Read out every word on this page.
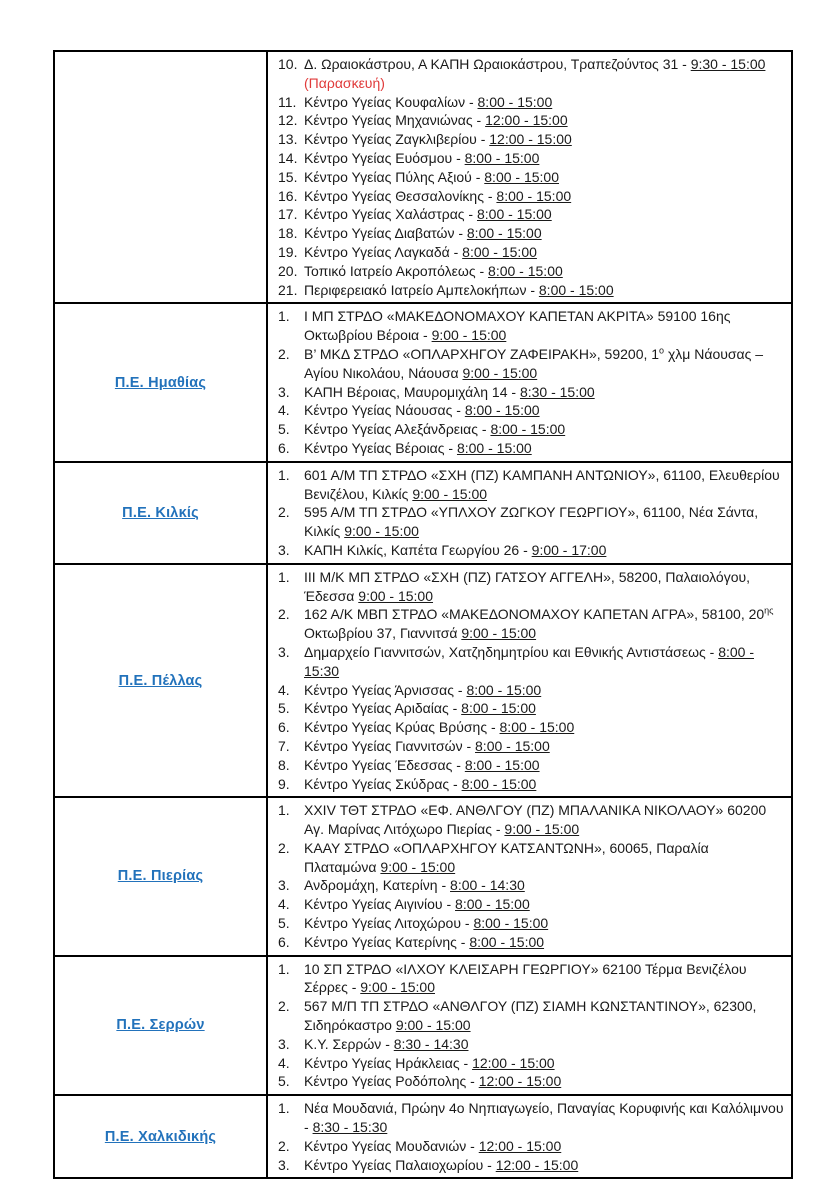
10. Δ. Ωραιοκάστρου, Α ΚΑΠΗ Ωραιοκάστρου, Τραπεζούντος 31 - 9:30 - 15:00
(Παρασκευή)
11. Κέντρο Υγείας Κουφαλίων - 8:00 - 15:00
12. Κέντρο Υγείας Μηχανιώνας - 12:00 - 15:00
13. Κέντρο Υγείας Ζαγκλιβερίου - 12:00 - 15:00
14. Κέντρο Υγείας Ευόσμου - 8:00 - 15:00
15. Κέντρο Υγείας Πύλης Αξιού - 8:00 - 15:00
16. Κέντρο Υγείας Θεσσαλονίκης - 8:00 - 15:00
17. Κέντρο Υγείας Χαλάστρας - 8:00 - 15:00
18. Κέντρο Υγείας Διαβατών - 8:00 - 15:00
19. Κέντρο Υγείας Λαγκαδά - 8:00 - 15:00
20. Τοπικό Ιατρείο Ακροπόλεως - 8:00 - 15:00
21. Περιφερειακό Ιατρείο Αμπελοκήπων - 8:00 - 15:00

Π.Ε. Ημαθίας	
1.	Ι ΜΠ ΣΤΡΔΟ «ΜΑΚΕΔΟΝΟΜΑΧΟΥ ΚΑΠΕΤΑΝ ΑΚΡΙΤΑ» 59100 16ης Οκτωβρίου Βέροια - 9:00 - 15:00
2.	Β’ ΜΚΔ ΣΤΡΔΟ «ΟΠΛΑΡΧΗΓΟΥ ΖΑΦΕΙΡΑΚΗ», 59200, $1^o$ χλμ Νάουσας – Αγίου Νικολάου, Νάουσα 9:00 - 15:00
3.	ΚΑΠΗ Βέροιας, Μαυρομιχάλη 14 - 8:30 - 15:00
4.	Κέντρο Υγείας Νάουσας - 8:00 - 15:00
5.	Κέντρο Υγείας Αλεξάνδρειας - 8:00 - 15:00
6.	Κέντρο Υγείας Βέροιας - 8:00 - 15:00

Π.Ε. Κιλκίς	
1.	601 Α/Μ ΤΠ ΣΤΡΔΟ «ΣΧΗ (ΠΖ) ΚΑΜΠΑΝΗ ΑΝΤΩΝΙΟΥ», 61100, Ελευθερίου Βενιζέλου, Κιλκίς 9:00 - 15:00
2.	595 Α/Μ ΤΠ ΣΤΡΔΟ «ΥΠΛΧΟΥ ΖΩΓΚΟΥ ΓΕΩΡΓΙΟΥ», 61100, Νέα Σάντα, Κιλκίς 9:00 - 15:00
3.	ΚΑΠΗ Κιλκίς, Καπέτα Γεωργίου 26 - 9:00 - 17:00

Π.Ε. Πέλλας	
1.	ΙΙΙ Μ/Κ ΜΠ ΣΤΡΔΟ «ΣΧΗ (ΠΖ) ΓΑΤΣΟΥ ΑΓΓΕΛΗ», 58200, Παλαιολόγου, Έδεσσα 9:00 - 15:00
2.	162 Α/Κ ΜΒΠ ΣΤΡΔΟ «ΜΑΚΕΔΟΝΟΜΑΧΟΥ ΚΑΠΕΤΑΝ ΑΓΡΑ», 58100, $20^{\eta\varsigma}$ Οκτωβρίου 37, Γιαννιτσά 9:00 - 15:00
3.	Δημαρχείο Γιαννιτσών, Χατζηδημητρίου και Εθνικής Αντιστάσεως - 8:00 - 15:30
4.	Κέντρο Υγείας Άρνισσας - 8:00 - 15:00
5.	Κέντρο Υγείας Αριδαίας - 8:00 - 15:00
6.	Κέντρο Υγείας Κρύας Βρύσης - 8:00 - 15:00
7.	Κέντρο Υγείας Γιαννιτσών - 8:00 - 15:00
8.	Κέντρο Υγείας Έδεσσας - 8:00 - 15:00
9.	Κέντρο Υγείας Σκύδρας - 8:00 - 15:00

Π.Ε. Πιερίας	
1.	XXIV ΤΘΤ ΣΤΡΔΟ «ΕΦ. ΑΝΘΛΓΟΥ (ΠΖ) ΜΠΑΛΑΝΙΚΑ ΝΙΚΟΛΑΟΥ» 60200 Αγ. Μαρίνας Λιτόχωρο Πιερίας - 9:00 - 15:00
2.	ΚΑΑΥ ΣΤΡΔΟ «ΟΠΛΑΡΧΗΓΟΥ ΚΑΤΣΑΝΤΩΝΗ», 60065, Παραλία Πλαταμώνα 9:00 - 15:00
3.	Ανδρομάχη, Κατερίνη - 8:00 - 14:30
4.	Κέντρο Υγείας Αιγινίου - 8:00 - 15:00
5.	Κέντρο Υγείας Λιτοχώρου - 8:00 - 15:00
6.	Κέντρο Υγείας Κατερίνης - 8:00 - 15:00

Π.Ε. Σερρών	
1.	10 ΣΠ ΣΤΡΔΟ «ΙΛΧΟΥ ΚΛΕΙΣΑΡΗ ΓΕΩΡΓΙΟΥ» 62100 Τέρμα Βενιζέλου Σέρρες - 9:00 - 15:00
2.	567 Μ/Π ΤΠ ΣΤΡΔΟ «ΑΝΘΛΓΟΥ (ΠΖ) ΣΙΑΜΗ ΚΩΝΣΤΑΝΤΙΝΟΥ», 62300, Σιδηρόκαστρο 9:00 - 15:00
3.	Κ.Υ. Σερρών - 8:30 - 14:30
4.	Κέντρο Υγείας Ηράκλειας - 12:00 - 15:00
5.	Κέντρο Υγείας Ροδόπολης - 12:00 - 15:00

Π.Ε. Χαλκιδικής	
1.	Νέα Μουδανιά, Πρώην 4ο Νηπιαγωγείο, Παναγίας Κορυφινής και Καλόλιμνου - 8:30 - 15:30
2.	Κέντρο Υγείας Μουδανιών - 12:00 - 15:00
3.	Κέντρο Υγείας Παλαιοχωρίου - 12:00 - 15:00
